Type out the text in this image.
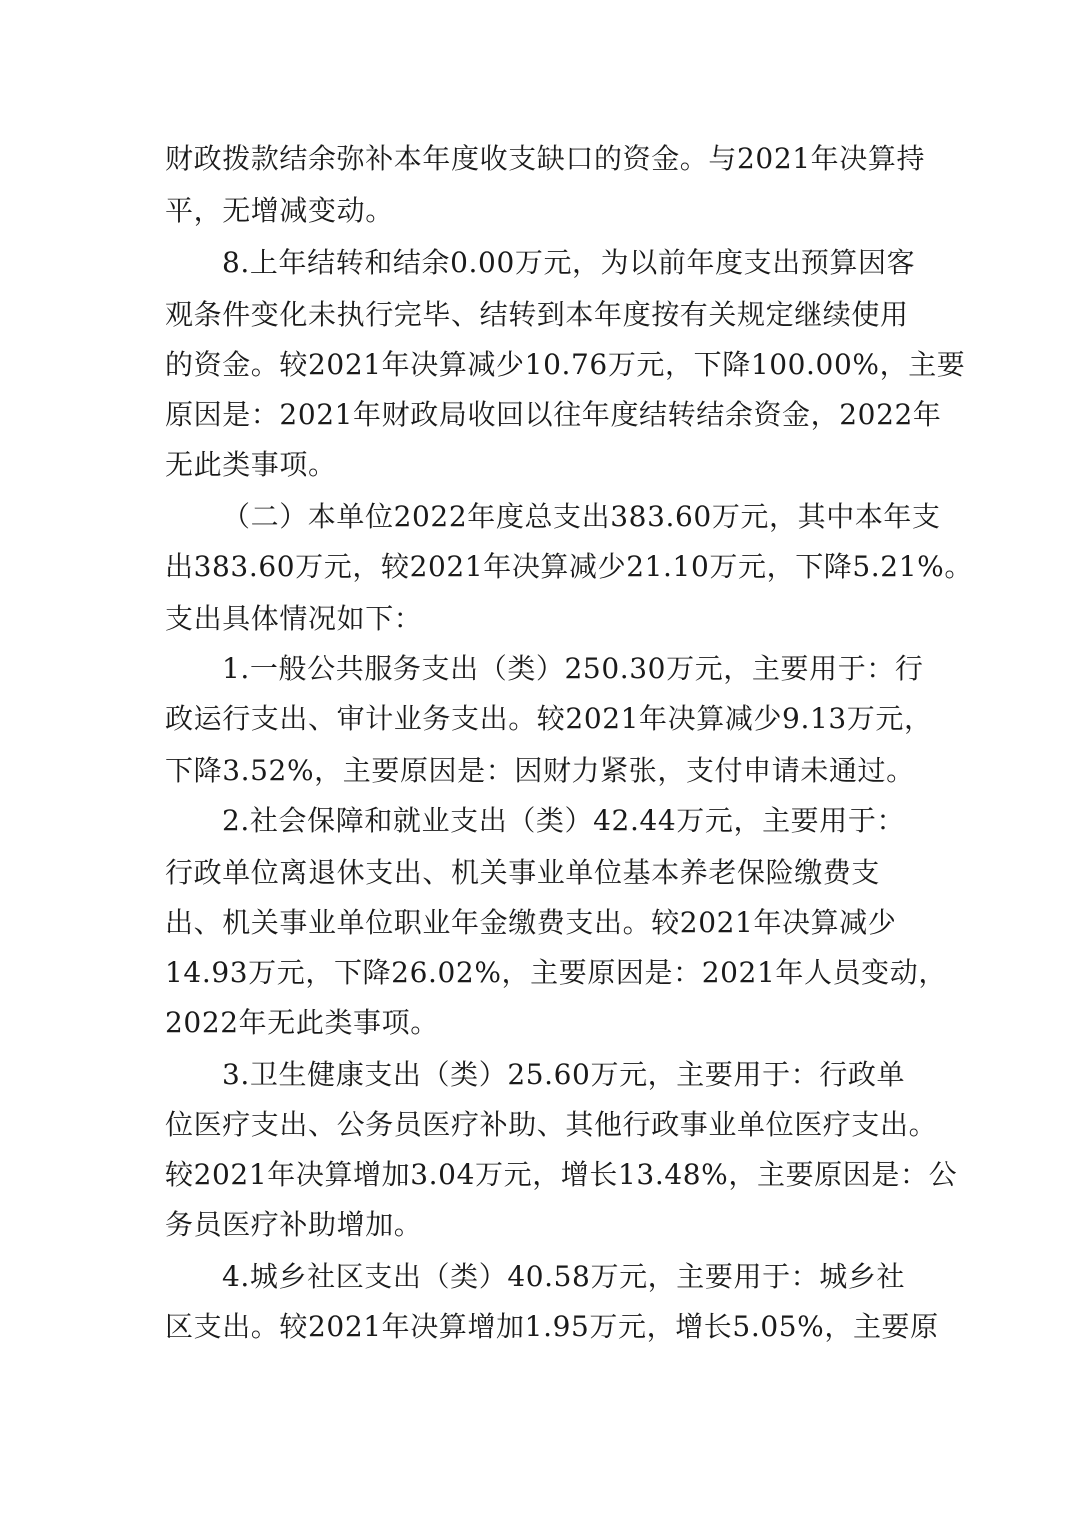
财政拨款结余弥补本年度收支缺口的资金。与2021年决算持
平，无增减变动。
8.上年结转和结余0.00万元，为以前年度支出预算因客
观条件变化未执行完毕、结转到本年度按有关规定继续使用
的资金。较2021年决算减少10.76万元，下降100.00%，主要
原因是：2021年财政局收回以往年度结转结余资金，2022年
无此类事项。
（二）本单位2022年度总支出383.60万元，其中本年支
出383.60万元，较2021年决算减少21.10万元，下降5.21%。
支出具体情况如下：
1.一般公共服务支出（类）250.30万元，主要用于：行
政运行支出、审计业务支出。较2021年决算减少9.13万元，
下降3.52%，主要原因是：因财力紧张，支付申请未通过。
2.社会保障和就业支出（类）42.44万元，主要用于：
行政单位离退休支出、机关事业单位基本养老保险缴费支
出、机关事业单位职业年金缴费支出。较2021年决算减少
14.93万元，下降26.02%，主要原因是：2021年人员变动，
2022年无此类事项。
3.卫生健康支出（类）25.60万元，主要用于：行政单
位医疗支出、公务员医疗补助、其他行政事业单位医疗支出。
较2021年决算增加3.04万元，增长13.48%，主要原因是：公
务员医疗补助增加。
4.城乡社区支出（类）40.58万元，主要用于：城乡社
区支出。较2021年决算增加1.95万元，增长5.05%，主要原
